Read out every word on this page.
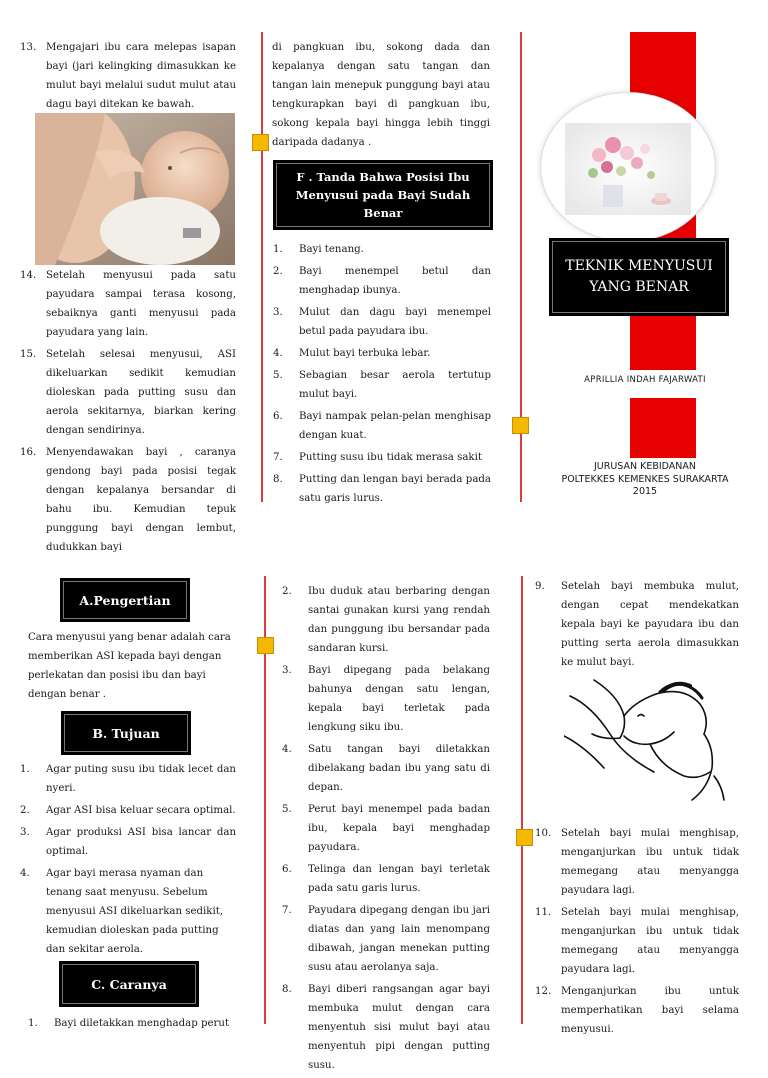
13. Mengajari ibu cara melepas isapan bayi (jari kelingking dimasukkan ke mulut bayi melalui sudut mulut atau dagu bayi ditekan ke bawah.
14. Setelah menyusui pada satu payudara sampai terasa kosong, sebaiknya ganti menyusui pada payudara yang lain.
15. Setelah selesai menyusui, ASI dikeluarkan sedikit kemudian dioleskan pada putting susu dan aerola sekitarnya, biarkan kering dengan sendirinya.
16. Menyendawakan bayi , caranya gendong bayi pada posisi tegak dengan kepalanya bersandar di bahu ibu. Kemudian tepuk punggung bayi dengan lembut, dudukkan bayi
di pangkuan ibu, sokong dada dan kepalanya dengan satu tangan dan tangan lain menepuk punggung bayi atau tengkurapkan bayi di pangkuan ibu, sokong kepala bayi hingga lebih tinggi daripada dadanya .
F . Tanda Bahwa Posisi Ibu Menyusui pada Bayi Sudah Benar
1. Bayi tenang.
2. Bayi menempel betul dan menghadap ibunya.
3. Mulut dan dagu bayi menempel betul pada payudara ibu.
4. Mulut bayi terbuka lebar.
5. Sebagian besar aerola tertutup mulut bayi.
6. Bayi nampak pelan-pelan menghisap dengan kuat.
7. Putting susu ibu tidak merasa sakit
8. Putting dan lengan bayi berada pada satu garis lurus.
TEKNIK MENYUSUI YANG BENAR
APRILLIA INDAH FAJARWATI
JURUSAN KEBIDANAN
POLTEKKES KEMENKES SURAKARTA
2015
A.Pengertian
Cara menyusui yang benar adalah cara memberikan ASI kepada bayi dengan perlekatan dan posisi ibu dan bayi dengan benar .
B. Tujuan
1. Agar puting susu ibu tidak lecet dan nyeri.
2. Agar ASI bisa keluar secara optimal.
3. Agar produksi ASI bisa lancar dan optimal.
4. Agar bayi merasa nyaman dan tenang saat menyusu. Sebelum menyusui ASI dikeluarkan sedikit, kemudian dioleskan pada putting dan sekitar aerola.
C. Caranya
1. Bayi diletakkan menghadap perut
2. Ibu duduk atau berbaring dengan santai gunakan kursi yang rendah dan punggung ibu bersandar pada sandaran kursi.
3. Bayi dipegang pada belakang bahunya dengan satu lengan, kepala bayi terletak pada lengkung siku ibu.
4. Satu tangan bayi diletakkan dibelakang badan ibu yang satu di depan.
5. Perut bayi menempel pada badan ibu, kepala bayi menghadap payudara.
6. Telinga dan lengan bayi terletak pada satu garis lurus.
7. Payudara dipegang dengan ibu jari diatas dan yang lain menompang dibawah, jangan menekan putting susu atau aerolanya saja.
8. Bayi diberi rangsangan agar bayi membuka mulut dengan cara menyentuh sisi mulut bayi atau menyentuh pipi dengan putting susu.
9. Setelah bayi membuka mulut, dengan cepat mendekatkan kepala bayi ke payudara ibu dan putting serta aerola dimasukkan ke mulut bayi.
10. Setelah bayi mulai menghisap, menganjurkan ibu untuk tidak memegang atau menyangga payudara lagi.
11. Setelah bayi mulai menghisap, menganjurkan ibu untuk tidak memegang atau menyangga payudara lagi.
12. Menganjurkan ibu untuk memperhatikan bayi selama menyusui.
